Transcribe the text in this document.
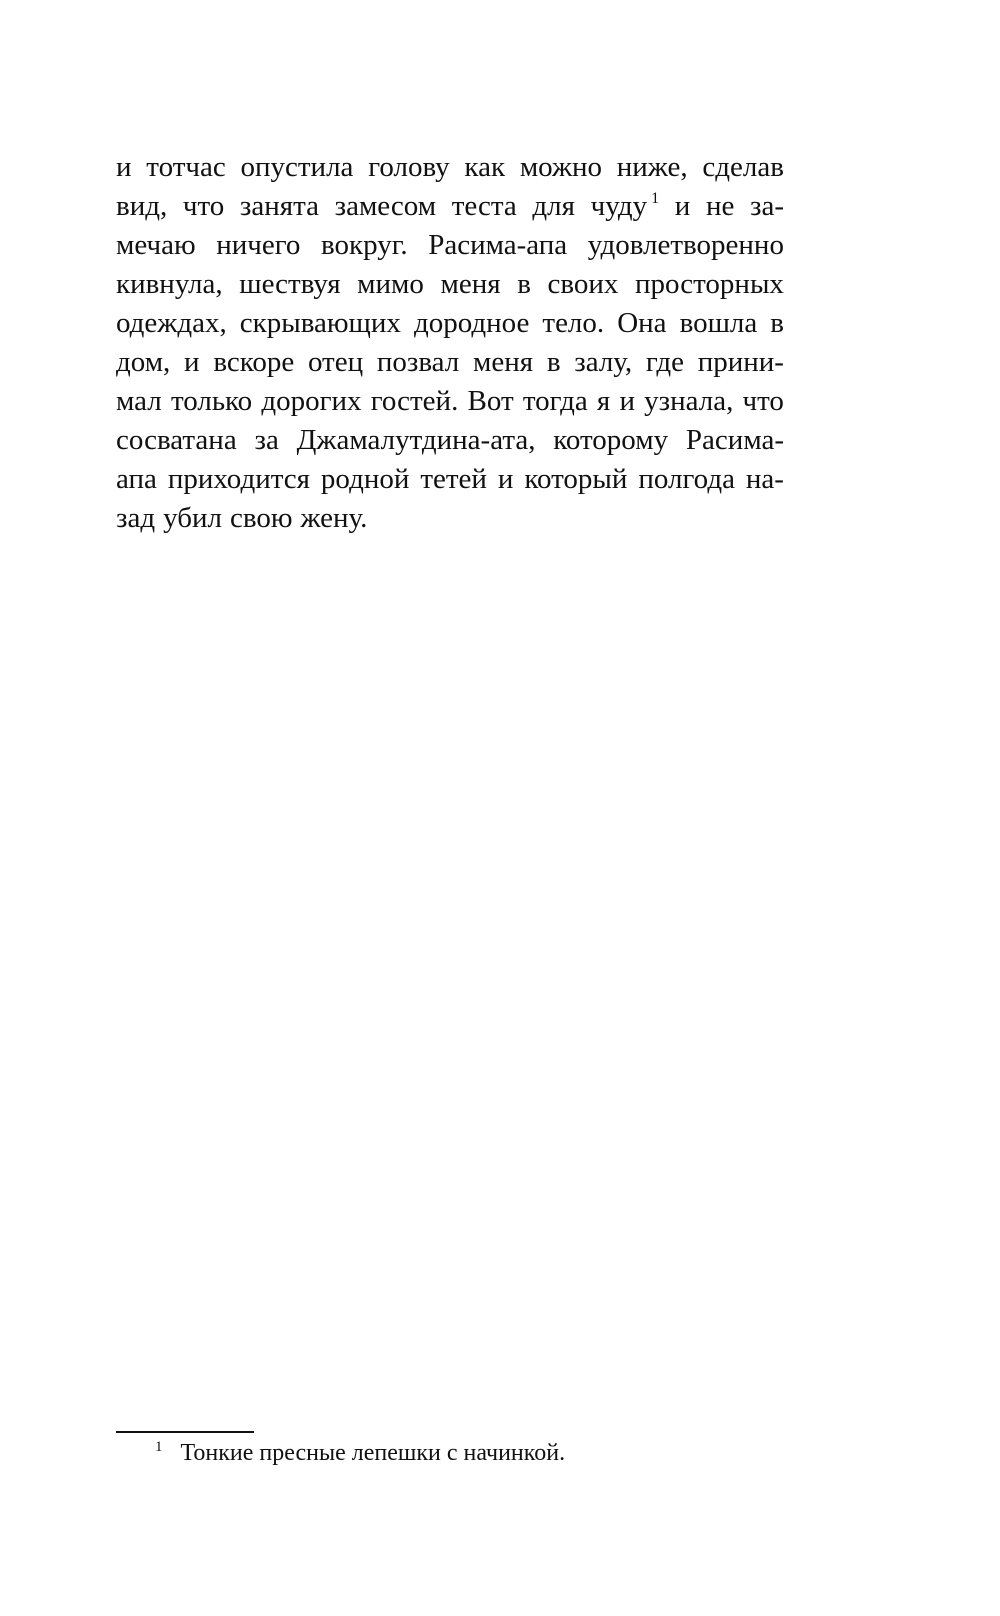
и тотчас опустила голову как можно ниже, сделав
вид, что занята замесом теста для чуду $^1$ и не за-
мечаю ничего вокруг. Расима-апа удовлетворенно
кивнула, шествуя мимо меня в своих просторных
одеждах, скрывающих дородное тело. Она вошла в
дом, и вскоре отец позвал меня в залу, где прини-
мал только дорогих гостей. Вот тогда я и узнала, что
сосватана за Джамалутдина-ата, которому Расима-
апа приходится родной тетей и который полгода на-
зад убил свою жену.
$^1$ Тонкие пресные лепешки с начинкой.
